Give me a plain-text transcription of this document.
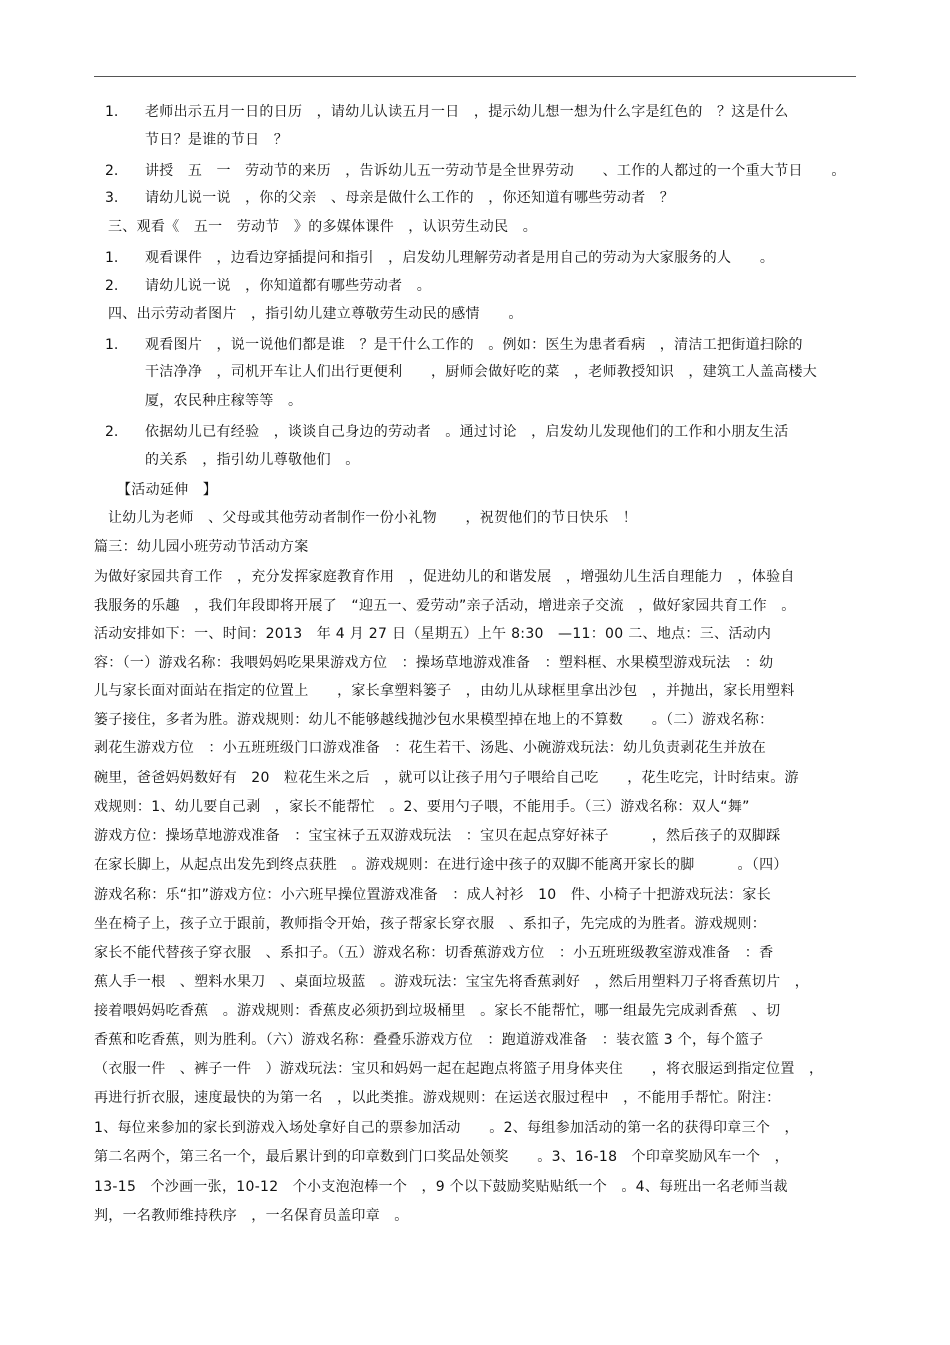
1. 老师出示五月一日的日历　，请幼儿认读五月一日　，提示幼儿想一想为什么字是红色的　？这是什么
节日？是谁的节日　？
2. 讲授　五　一　劳动节的来历　，告诉幼儿五一劳动节是全世界劳动　　、工作的人都过的一个重大节日　　。
3. 请幼儿说一说　，你的父亲　、母亲是做什么工作的　，你还知道有哪些劳动者　？
三、观看《　五一　劳动节　》的多媒体课件　，认识劳生动民　。
1. 观看课件　，边看边穿插提问和指引　，启发幼儿理解劳动者是用自己的劳动为大家服务的人　　。
2. 请幼儿说一说　，你知道都有哪些劳动者　。
四、出示劳动者图片　，指引幼儿建立尊敬劳生动民的感情　　。
1. 观看图片　，说一说他们都是谁　？是干什么工作的　。例如：医生为患者看病　，清洁工把街道扫除的
干洁净净　，司机开车让人们出行更便利　　，厨师会做好吃的菜　，老师教授知识　，建筑工人盖高楼大
厦，农民种庄稼等等　。
2. 依据幼儿已有经验　，谈谈自己身边的劳动者　。通过讨论　，启发幼儿发现他们的工作和小朋友生活
的关系　，指引幼儿尊敬他们　。
【活动延伸　】
让幼儿为老师　、父母或其他劳动者制作一份小礼物　　，祝贺他们的节日快乐　！
篇三：幼儿园小班劳动节活动方案
为做好家园共育工作　，充分发挥家庭教育作用　，促进幼儿的和谐发展　，增强幼儿生活自理能力　，体验自
我服务的乐趣　，我们年段即将开展了　“迎五一、爱劳动”亲子活动，增进亲子交流　，做好家园共育工作　。
活动安排如下：一、时间：2013　年 4 月 27 日（星期五）上午 8:30　—11：00 二、地点：三、活动内
容：（一）游戏名称：我喂妈妈吃果果游戏方位　：操场草地游戏准备　：塑料框、水果模型游戏玩法　：幼
儿与家长面对面站在指定的位置上　　，家长拿塑料篓子　，由幼儿从球框里拿出沙包　，并抛出，家长用塑料
篓子接住，多者为胜。游戏规则：幼儿不能够越线抛沙包水果模型掉在地上的不算数　　。（二）游戏名称：
剥花生游戏方位　：小五班班级门口游戏准备　：花生若干、汤匙、小碗游戏玩法：幼儿负责剥花生并放在
碗里，爸爸妈妈数好有　20　粒花生米之后　，就可以让孩子用勺子喂给自己吃　　，花生吃完，计时结束。游
戏规则：1、幼儿要自己剥　，家长不能帮忙　。2、要用勺子喂，不能用手。（三）游戏名称：双人“舞”
游戏方位：操场草地游戏准备　：宝宝袜子五双游戏玩法　：宝贝在起点穿好袜子　　　，然后孩子的双脚踩
在家长脚上，从起点出发先到终点获胜　。游戏规则：在进行途中孩子的双脚不能离开家长的脚　　　。（四）
游戏名称：乐“扣”游戏方位：小六班早操位置游戏准备　：成人衬衫　10　件、小椅子十把游戏玩法：家长
坐在椅子上，孩子立于跟前，教师指令开始，孩子帮家长穿衣服　、系扣子，先完成的为胜者。游戏规则：
家长不能代替孩子穿衣服　、系扣子。（五）游戏名称：切香蕉游戏方位　：小五班班级教室游戏准备　：香
蕉人手一根　、塑料水果刀　、桌面垃圾蓝　。游戏玩法：宝宝先将香蕉剥好　，然后用塑料刀子将香蕉切片　，
接着喂妈妈吃香蕉　。游戏规则：香蕉皮必须扔到垃圾桶里　。家长不能帮忙，哪一组最先完成剥香蕉　、切
香蕉和吃香蕉，则为胜利。（六）游戏名称：叠叠乐游戏方位　：跑道游戏准备　：装衣篮 3 个，每个篮子
（衣服一件　、裤子一件　）游戏玩法：宝贝和妈妈一起在起跑点将篮子用身体夹住　　，将衣服运到指定位置　，
再进行折衣服，速度最快的为第一名　，以此类推。游戏规则：在运送衣服过程中　，不能用手帮忙。附注：
1、每位来参加的家长到游戏入场处拿好自己的票参加活动　　。2、每组参加活动的第一名的获得印章三个　，
第二名两个，第三名一个，最后累计到的印章数到门口奖品处领奖　　。3、16-18　个印章奖励风车一个　，
13-15　个沙画一张，10-12　个小支泡泡棒一个　，9 个以下鼓励奖贴贴纸一个　。4、每班出一名老师当裁
判，一名教师维持秩序　，一名保育员盖印章　。
